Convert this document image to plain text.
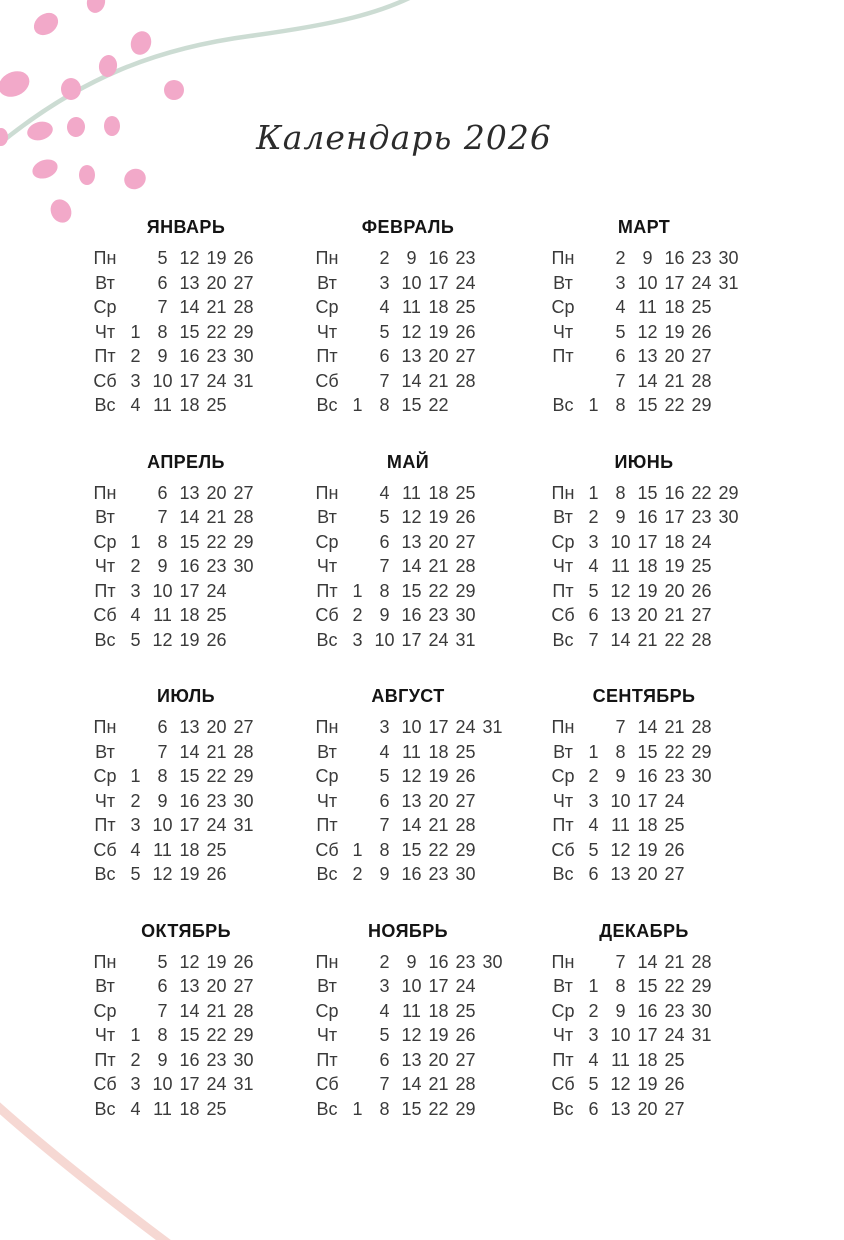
Календарь 2026
ЯНВАРЬ
Пн	5 12 19 26
Вт	6 13 20 27
Ср	7 14 21 28
Чт 1 8 15 22 29
Пт 2 9 16 23 30
Сб 3 10 17 24 31
Вс 4 11 18 25
ФЕВРАЛЬ
Пн	2 9 16 23
Вт	3 10 17 24
Ср	4 11 18 25
Чт	5 12 19 26
Пт	6 13 20 27
Сб	7 14 21 28
Вс 1 8 15 22
МАРТ
Пн	2 9 16 23 30
Вт	3 10 17 24 31
Ср	4 11 18 25
Чт	5 12 19 26
Пт	6 13 20 27
7 14 21 28
Вс 1 8 15 22 29
АПРЕЛЬ
Пн	6 13 20 27
Вт	7 14 21 28
Ср 1 8 15 22 29
Чт 2 9 16 23 30
Пт 3 10 17 24
Сб 4 11 18 25
Вс 5 12 19 26
МАЙ
Пн	4 11 18 25
Вт	5 12 19 26
Ср	6 13 20 27
Чт	7 14 21 28
Пт 1 8 15 22 29
Сб 2 9 16 23 30
Вс 3 10 17 24 31
ИЮНЬ
Пн 1 8 15 16 22 29
Вт 2 9 16 17 23 30
Ср 3 10 17 18 24
Чт 4 11 18 19 25
Пт 5 12 19 20 26
Сб 6 13 20 21 27
Вс 7 14 21 22 28
ИЮЛЬ
Пн	6 13 20 27
Вт	7 14 21 28
Ср 1 8 15 22 29
Чт 2 9 16 23 30
Пт 3 10 17 24 31
Сб 4 11 18 25
Вс 5 12 19 26
АВГУСТ
Пн	3 10 17 24 31
Вт	4 11 18 25
Ср	5 12 19 26
Чт	6 13 20 27
Пт	7 14 21 28
Сб 1 8 15 22 29
Вс 2 9 16 23 30
СЕНТЯБРЬ
Пн	7 14 21 28
Вт 1 8 15 22 29
Ср 2 9 16 23 30
Чт 3 10 17 24
Пт 4 11 18 25
Сб 5 12 19 26
Вс 6 13 20 27
ОКТЯБРЬ
Пн	5 12 19 26
Вт	6 13 20 27
Ср	7 14 21 28
Чт 1 8 15 22 29
Пт 2 9 16 23 30
Сб 3 10 17 24 31
Вс 4 11 18 25
НОЯБРЬ
Пн	2 9 16 23 30
Вт	3 10 17 24
Ср	4 11 18 25
Чт	5 12 19 26
Пт	6 13 20 27
Сб	7 14 21 28
Вс 1 8 15 22 29
ДЕКАБРЬ
Пн	7 14 21 28
Вт 1 8 15 22 29
Ср 2 9 16 23 30
Чт 3 10 17 24 31
Пт 4 11 18 25
Сб 5 12 19 26
Вс 6 13 20 27
